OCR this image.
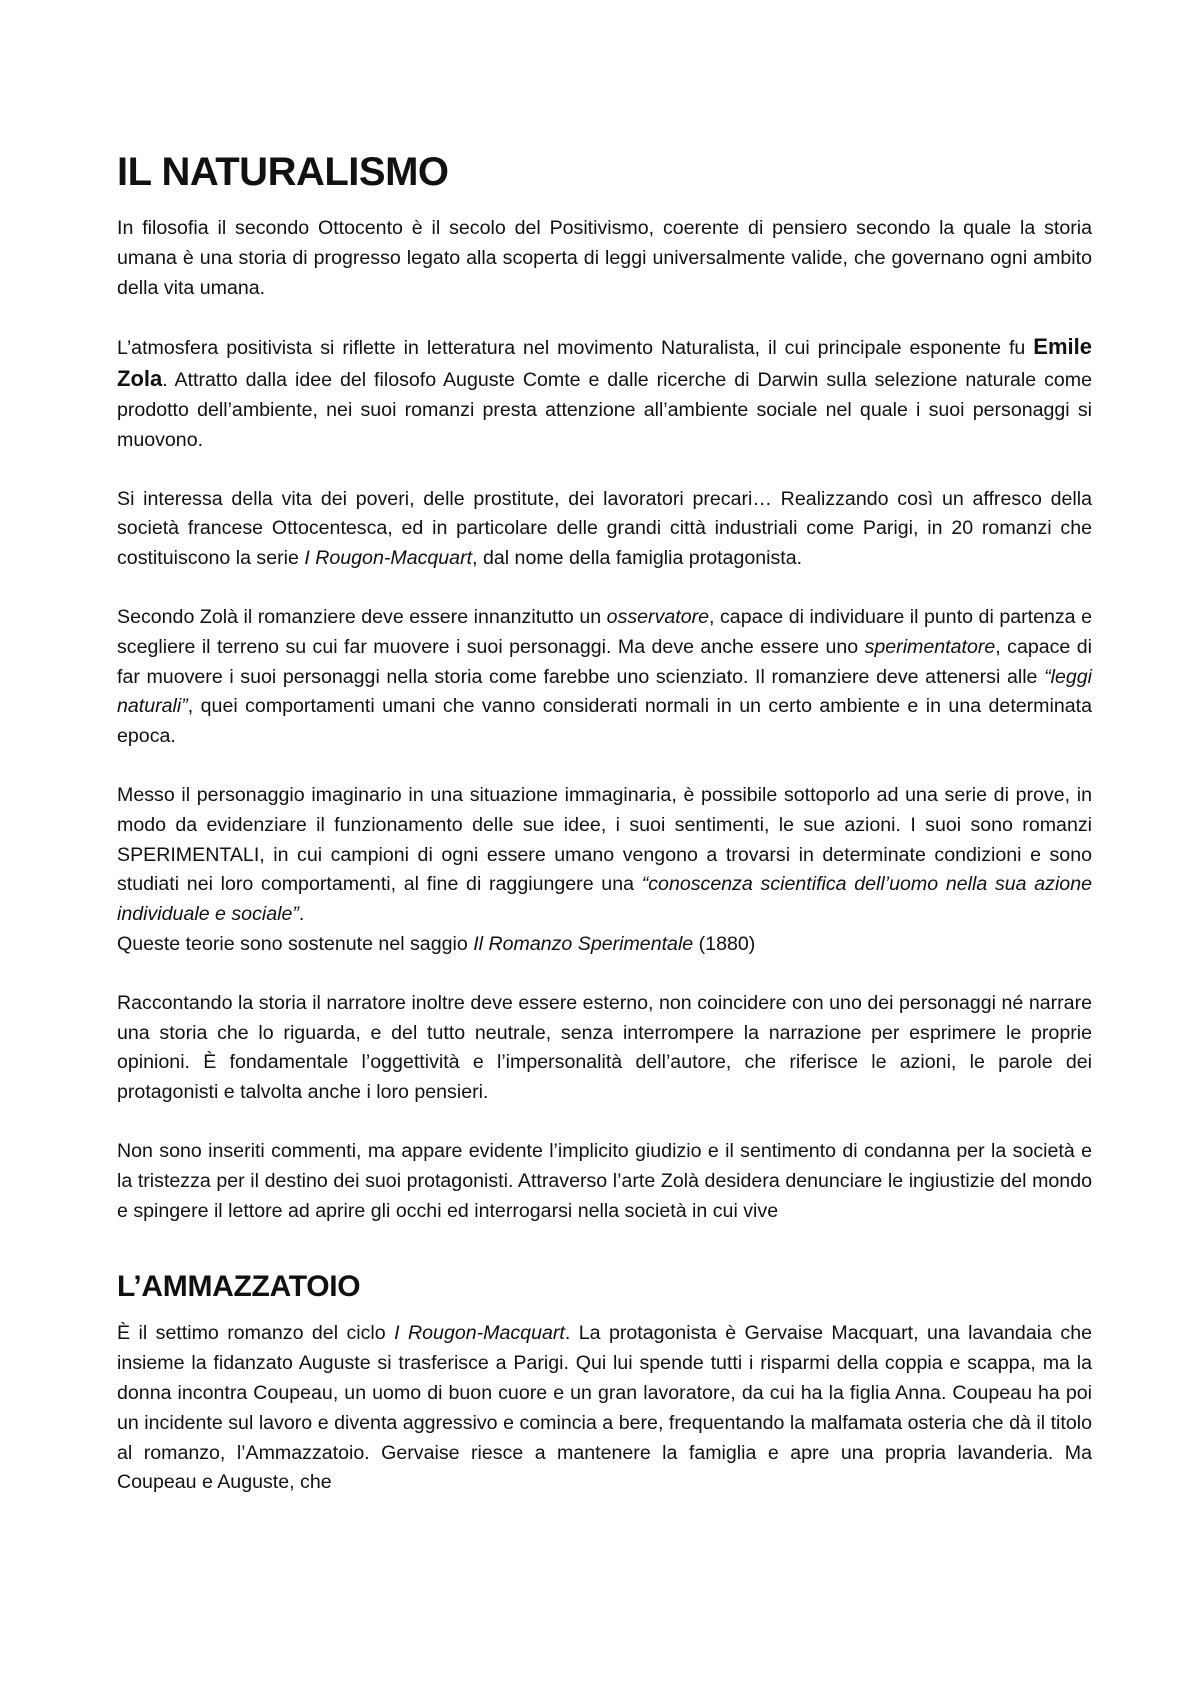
IL NATURALISMO

In filosofia il secondo Ottocento è il secolo del Positivismo, coerente di pensiero secondo la quale la storia umana è una storia di progresso legato alla scoperta di leggi universalmente valide, che governano ogni ambito della vita umana.

L’atmosfera positivista si riflette in letteratura nel movimento Naturalista, il cui principale esponente fu Emile Zola. Attratto dalla idee del filosofo Auguste Comte e dalle ricerche di Darwin sulla selezione naturale come prodotto dell’ambiente, nei suoi romanzi presta attenzione all’ambiente sociale nel quale i suoi personaggi si muovono.

Si interessa della vita dei poveri, delle prostitute, dei lavoratori precari… Realizzando così un affresco della società francese Ottocentesca, ed in particolare delle grandi città industriali come Parigi, in 20 romanzi che costituiscono la serie I Rougon-Macquart, dal nome della famiglia protagonista.

Secondo Zolà il romanziere deve essere innanzitutto un osservatore, capace di individuare il punto di partenza e scegliere il terreno su cui far muovere i suoi personaggi. Ma deve anche essere uno sperimentatore, capace di far muovere i suoi personaggi nella storia come farebbe uno scienziato. Il romanziere deve attenersi alle “leggi naturali”, quei comportamenti umani che vanno considerati normali in un certo ambiente e in una determinata epoca.

Messo il personaggio imaginario in una situazione immaginaria, è possibile sottoporlo ad una serie di prove, in modo da evidenziare il funzionamento delle sue idee, i suoi sentimenti, le sue azioni. I suoi sono romanzi SPERIMENTALI, in cui campioni di ogni essere umano vengono a trovarsi in determinate condizioni e sono studiati nei loro comportamenti, al fine di raggiungere una “conoscenza scientifica dell’uomo nella sua azione individuale e sociale”.

Queste teorie sono sostenute nel saggio Il Romanzo Sperimentale (1880)

Raccontando la storia il narratore inoltre deve essere esterno, non coincidere con uno dei personaggi né narrare una storia che lo riguarda, e del tutto neutrale, senza interrompere la narrazione per esprimere le proprie opinioni. È fondamentale l’oggettività e l’impersonalità dell’autore, che riferisce le azioni, le parole dei protagonisti e talvolta anche i loro pensieri.

Non sono inseriti commenti, ma appare evidente l’implicito giudizio e il sentimento di condanna per la società e la tristezza per il destino dei suoi protagonisti. Attraverso l’arte Zolà desidera denunciare le ingiustizie del mondo e spingere il lettore ad aprire gli occhi ed interrogarsi nella società in cui vive

L’AMMAZZATOIO

È il settimo romanzo del ciclo I Rougon-Macquart. La protagonista è Gervaise Macquart, una lavandaia che insieme la fidanzato Auguste si trasferisce a Parigi. Qui lui spende tutti i risparmi della coppia e scappa, ma la donna incontra Coupeau, un uomo di buon cuore e un gran lavoratore, da cui ha la figlia Anna. Coupeau ha poi un incidente sul lavoro e diventa aggressivo e comincia a bere, frequentando la malfamata osteria che dà il titolo al romanzo, l’Ammazzatoio. Gervaise riesce a mantenere la famiglia e apre una propria lavanderia. Ma Coupeau e Auguste, che
